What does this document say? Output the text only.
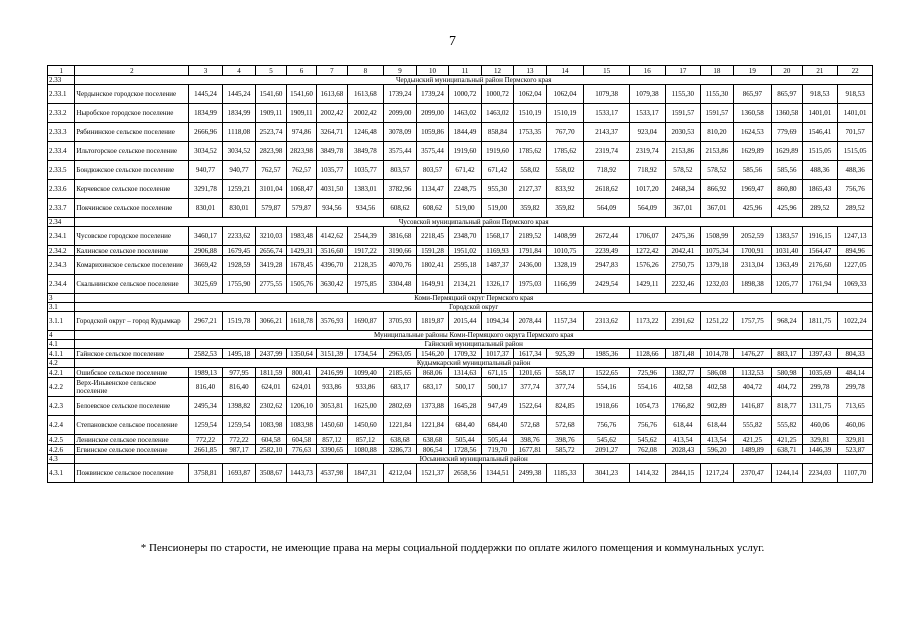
7
1	2	3	4	5	6	7	8	9	10	11	12	13	14	15	16	17	18	19	20	21	22
2.33	Чердынский муниципальный район Пермского края																				
2.33.1	Чердынское городское поселение	1445,24	1445,24	1541,60	1541,60	1613,68	1613,68	1739,24	1739,24	1000,72	1000,72	1062,04	1062,04	1079,38	1079,38	1155,30	1155,30	865,97	865,97	918,53	918,53
2.33.2	Ныробское городское поселение	1834,99	1834,99	1909,11	1909,11	2002,42	2002,42	2099,00	2099,00	1463,02	1463,02	1510,19	1510,19	1533,17	1533,17	1591,57	1591,57	1360,58	1360,58	1401,01	1401,01
2.33.3	Рябининское сельское поселение	2666,96	1118,08	2523,74	974,86	3264,71	1246,48	3078,09	1059,86	1844,49	858,84	1753,35	767,70	2143,37	923,04	2030,53	810,20	1624,53	779,69	1546,41	701,57
2.33.4	Ильтогорское сельское поселение	3034,52	3034,52	2823,98	2823,98	3849,78	3849,78	3575,44	3575,44	1919,60	1919,60	1785,62	1785,62	2319,74	2319,74	2153,86	2153,86	1629,89	1629,89	1515,05	1515,05
2.33.5	Бондюжское сельское поселение	940,77	940,77	762,57	762,57	1035,77	1035,77	803,57	803,57	671,42	671,42	558,02	558,02	718,92	718,92	578,52	578,52	585,56	585,56	488,36	488,36
2.33.6	Керчевское сельское поселение	3291,78	1259,21	3101,04	1068,47	4031,50	1383,01	3782,96	1134,47	2248,75	955,30	2127,37	833,92	2618,62	1017,20	2468,34	866,92	1969,47	860,80	1865,43	756,76
2.33.7	Покчинское сельское поселение	830,01	830,01	579,87	579,87	934,56	934,56	608,62	608,62	519,00	519,00	359,82	359,82	564,09	564,09	367,01	367,01	425,96	425,96	289,52	289,52
2.34	Чусовской муниципальный район Пермского края																				
2.34.1	Чусовское городское поселение	3460,17	2233,62	3210,03	1983,48	4142,62	2544,39	3816,68	2218,45	2348,70	1568,17	2189,52	1408,99	2672,44	1706,07	2475,36	1508,99	2052,59	1383,57	1916,15	1247,13
2.34.2	Калинское сельское поселение	2906,88	1679,45	2656,74	1429,31	3516,60	1917,22	3190,66	1591,28	1951,02	1169,93	1791,84	1010,75	2239,49	1272,42	2042,41	1075,34	1700,91	1031,40	1564,47	894,96
2.34.3	Комарихинское сельское поселение	3669,42	1928,59	3419,28	1678,45	4396,70	2128,35	4070,76	1802,41	2595,18	1487,37	2436,00	1328,19	2947,83	1576,26	2750,75	1379,18	2313,04	1363,49	2176,60	1227,05
2.34.4	Скальнинское сельское поселение	3025,69	1755,90	2775,55	1505,76	3630,42	1975,85	3304,48	1649,91	2134,21	1326,17	1975,03	1166,99	2429,54	1429,11	2232,46	1232,03	1898,38	1205,77	1761,94	1069,33
3	Коми-Пермяцкий округ Пермского края																				
3.1	Городской округ																				
3.1.1	Городской округ – город Кудымкар	2967,21	1519,78	3066,21	1618,78	3576,93	1690,87	3705,93	1819,87	2015,44	1094,34	2078,44	1157,34	2313,62	1173,22	2391,62	1251,22	1757,75	968,24	1811,75	1022,24
4	Муниципальные районы Коми-Пермяцкого округа Пермского края																				
4.1	Гайнский муниципальный район																				
4.1.1	Гайнское сельское поселение	2582,53	1495,18	2437,99	1350,64	3151,39	1734,54	2963,05	1546,20	1709,32	1017,37	1617,34	925,39	1985,36	1128,66	1871,48	1014,78	1476,27	883,17	1397,43	804,33
4.2	Кудымкарский муниципальный район																				
4.2.1	Ошибское сельское поселение	1989,13	977,95	1811,59	800,41	2416,99	1099,40	2185,65	868,06	1314,63	671,15	1201,65	558,17	1522,65	725,96	1382,77	586,08	1132,53	580,98	1035,69	484,14
4.2.2	Верх-Иньвенское сельское поселение	816,40	816,40	624,01	624,01	933,86	933,86	683,17	683,17	500,17	500,17	377,74	377,74	554,16	554,16	402,58	402,58	404,72	404,72	299,78	299,78
4.2.3	Белоевское сельское поселение	2495,34	1398,82	2302,62	1206,10	3053,81	1625,00	2802,69	1373,88	1645,28	947,49	1522,64	824,85	1918,66	1054,73	1766,82	902,89	1416,87	818,77	1311,75	713,65
4.2.4	Степановское сельское поселение	1259,54	1259,54	1083,98	1083,98	1450,60	1450,60	1221,84	1221,84	684,40	684,40	572,68	572,68	756,76	756,76	618,44	618,44	555,82	555,82	460,06	460,06
4.2.5	Ленинское сельское поселение	772,22	772,22	604,58	604,58	857,12	857,12	638,68	638,68	505,44	505,44	398,76	398,76	545,62	545,62	413,54	413,54	421,25	421,25	329,81	329,81
4.2.6	Егвинское сельское поселение	2661,85	987,17	2582,10	776,63	3390,65	1080,88	3286,73	806,54	1728,56	719,70	1677,81	585,72	2091,27	762,08	2028,43	596,20	1489,89	638,71	1446,39	523,87
4.3	Юсьвинский муниципальный район																				
4.3.1	Пожвинское сельское поселение	3758,81	1693,87	3508,67	1443,73	4537,98	1847,31	4212,04	1521,37	2658,56	1344,51	2499,38	1185,33	3041,23	1414,32	2844,15	1217,24	2370,47	1244,14	2234,03	1107,70
* Пенсионеры по старости, не имеющие права на меры социальной поддержки по оплате жилого помещения и коммунальных услуг.
